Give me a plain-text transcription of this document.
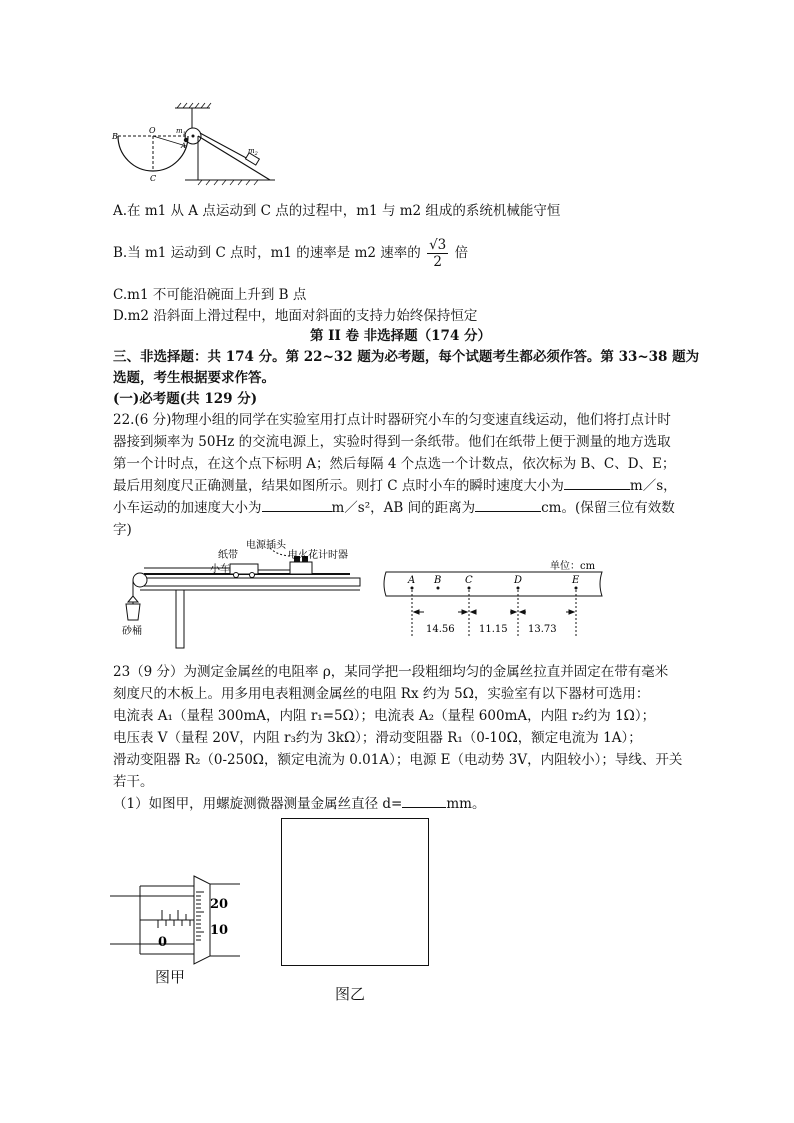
B
O	$m_1$
A
C
$m_2$
A.在 m1 从 A 点运动到 C 点的过程中，m1 与 m2 组成的系统机械能守恒
B.当 m1 运动到 C 点时，m1 的速率是 m2 速率的 $\frac{√3}{2}$ 倍
C.m1 不可能沿碗面上升到 B 点
D.m2 沿斜面上滑过程中，地面对斜面的支持力始终保持恒定
第 II 卷 非选择题（174 分）
三、非选择题：共 174 分。第 22~32 题为必考题，每个试题考生都必须作答。第 33~38 题为
选题，考生根据要求作答。
(一)必考题(共 129 分)
22.(6 分)物理小组的同学在实验室用打点计时器研究小车的匀变速直线运动，他们将打点计时
器接到频率为 50Hz 的交流电源上，实验时得到一条纸带。他们在纸带上便于测量的地方选取
第一个计时点，在这个点下标明 A；然后每隔 4 个点选一个计数点，依次标为 B、C、D、E；
最后用刻度尺正确测量，结果如图所示。则打 C 点时小车的瞬时速度大小为	m／s，
小车运动的加速度大小为	m／s²，AB 间的距离为	cm。(保留三位有效数
字)
纸带
电源插头
电火花计时器
小车
砂桶
单位：cm
A B C	D	E
14.56 11.15 13.73
23（9 分）为测定金属丝的电阻率 ρ，某同学把一段粗细均匀的金属丝拉直并固定在带有毫米
刻度尺的木板上。用多用电表粗测金属丝的电阻 Rx 约为 5Ω，实验室有以下器材可选用：
电流表 A₁（量程 300mA，内阻 r₁=5Ω）；电流表 A₂（量程 600mA，内阻 r₂约为 1Ω）；
电压表 V（量程 20V，内阻 r₃约为 3kΩ）；滑动变阻器 R₁（0-10Ω，额定电流为 1A）；
滑动变阻器 R₂（0-250Ω，额定电流为 0.01A）；电源 E（电动势 3V，内阻较小）；导线、开关
若干。
（1）如图甲，用螺旋测微器测量金属丝直径 d=	mm。
20
10
0
图甲
图乙
